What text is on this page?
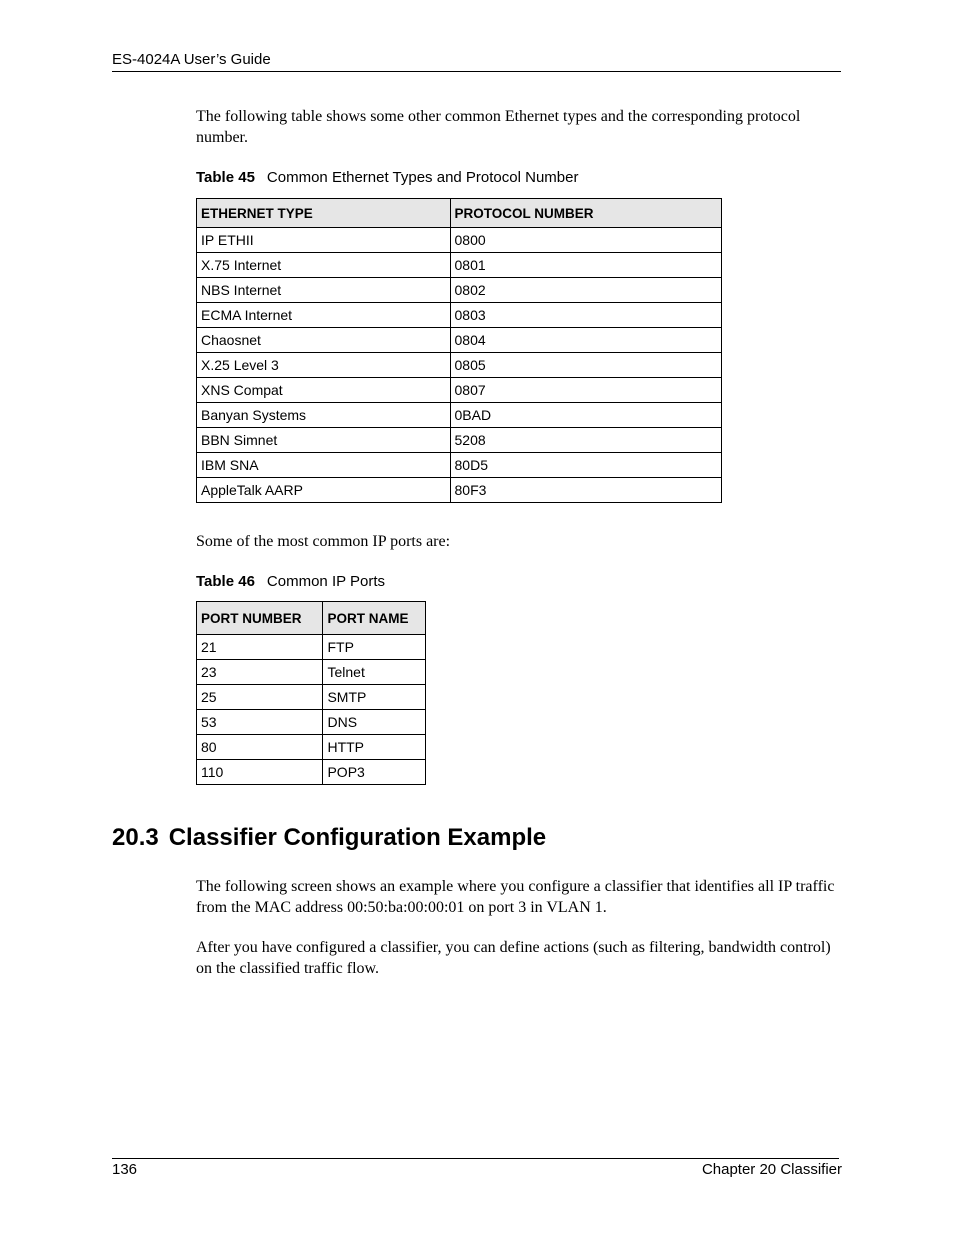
ES-4024A User’s Guide

The following table shows some other common Ethernet types and the corresponding protocol number.

Table 45 Common Ethernet Types and Protocol Number
ETHERNET TYPE	PROTOCOL NUMBER
IP ETHII	0800
X.75 Internet	0801
NBS Internet	0802
ECMA Internet	0803
Chaosnet	0804
X.25 Level 3	0805
XNS Compat	0807
Banyan Systems	0BAD
BBN Simnet	5208
IBM SNA	80D5
AppleTalk AARP	80F3

Some of the most common IP ports are:

Table 46 Common IP Ports
PORT NUMBER	PORT NAME
21	FTP
23	Telnet
25	SMTP
53	DNS
80	HTTP
110	POP3
20.3 Classifier Configuration Example

The following screen shows an example where you configure a classifier that identifies all IP traffic from the MAC address 00:50:ba:00:00:01 on port 3 in VLAN 1.

After you have configured a classifier, you can define actions (such as filtering, bandwidth control) on the classified traffic flow.

136	Chapter 20 Classifier
